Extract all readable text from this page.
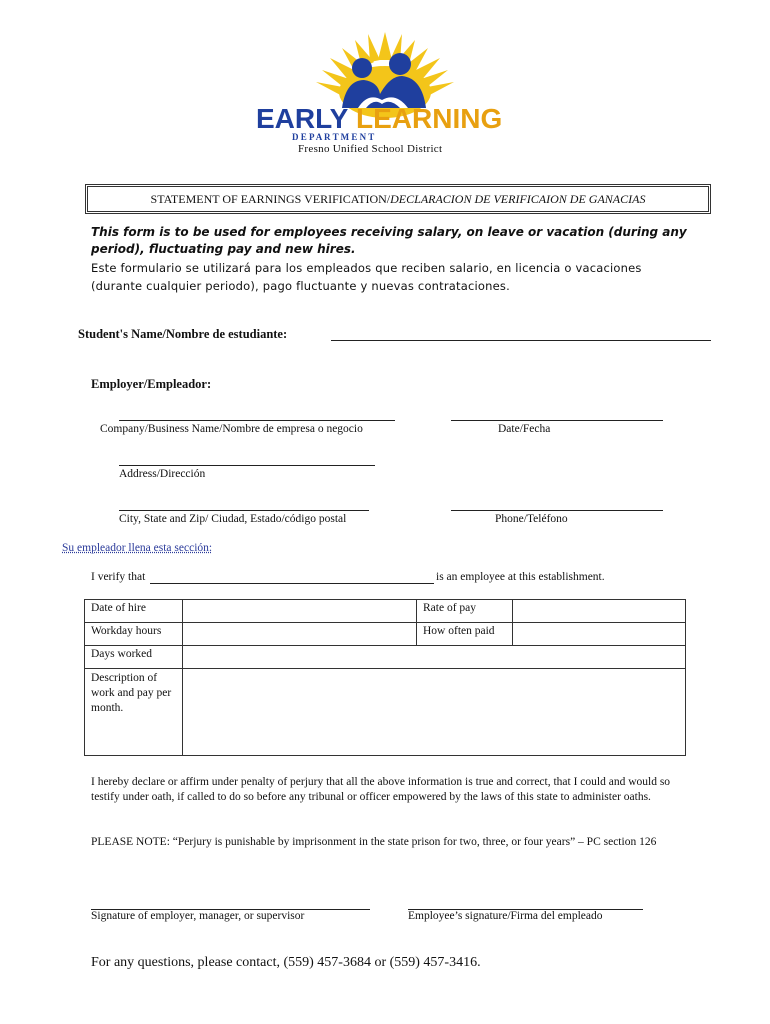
EARLY LEARNING
D E P A R T M E N T
Fresno Unified School District
STATEMENT OF EARNINGS VERIFICATION/ DECLARACION DE VERIFICAION DE GANACIAS
This form is to be used for employees receiving salary, on leave or vacation (during any period), fluctuating pay and new hires.
Este formulario se utilizará para los empleados que reciben salario, en licencia o vacaciones (durante cualquier periodo), pago fluctuante y nuevas contrataciones.
Student's Name/Nombre de estudiante:
Employer/Empleador:
Company/Business Name/Nombre de empresa o negocio	Date/Fecha
Address/Dirección
City, State and Zip/ Ciudad, Estado/código postal	Phone/Teléfono
Su empleador llena esta sección:
I verify that	is an employee at this establishment.
Date of hire		Rate of pay	
Workday hours		How often paid	
Days worked			
Description of work and pay per month.			
I hereby declare or affirm under penalty of perjury that all the above information is true and correct, that I could and would so testify under oath, if called to do so before any tribunal or officer empowered by the laws of this state to administer oaths.
PLEASE NOTE: “Perjury is punishable by imprisonment in the state prison for two, three, or four years” – PC section 126
Signature of employer, manager, or supervisor	Employee’s signature/Firma del empleado
For any questions, please contact, (559) 457-3684 or (559) 457-3416.
